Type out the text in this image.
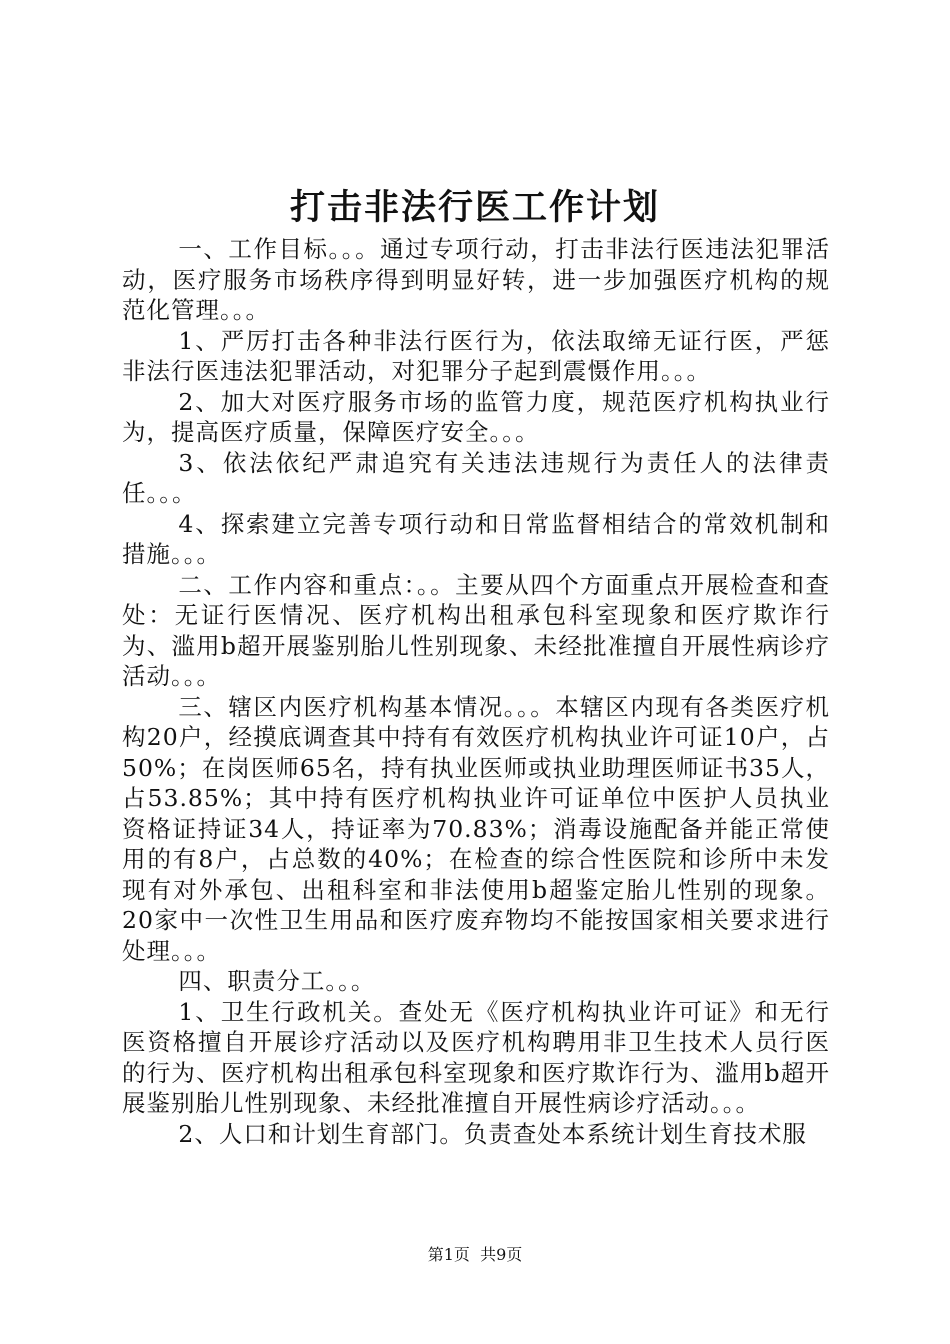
打击非法行医工作计划

一、工作目标。。。通过专项行动，打击非法行医违法犯罪活动，医疗服务市场秩序得到明显好转，进一步加强医疗机构的规范化管理。。。

1、严厉打击各种非法行医行为，依法取缔无证行医，严惩非法行医违法犯罪活动，对犯罪分子起到震慑作用。。。

2、加大对医疗服务市场的监管力度，规范医疗机构执业行为，提高医疗质量，保障医疗安全。。。

3、依法依纪严肃追究有关违法违规行为责任人的法律责任。。。

4、探索建立完善专项行动和日常监督相结合的常效机制和措施。。。

二、工作内容和重点：。。主要从四个方面重点开展检查和查处：无证行医情况、医疗机构出租承包科室现象和医疗欺诈行为、滥用b超开展鉴别胎儿性别现象、未经批准擅自开展性病诊疗活动。。。

三、辖区内医疗机构基本情况。。。本辖区内现有各类医疗机构20户，经摸底调查其中持有有效医疗机构执业许可证10户，占50%；在岗医师65名，持有执业医师或执业助理医师证书35人，占53.85%；其中持有医疗机构执业许可证单位中医护人员执业资格证持证34人，持证率为70.83%；消毒设施配备并能正常使用的有8户，占总数的40%；在检查的综合性医院和诊所中未发现有对外承包、出租科室和非法使用b超鉴定胎儿性别的现象。20家中一次性卫生用品和医疗废弃物均不能按国家相关要求进行处理。。。

四、职责分工。。。

1、卫生行政机关。查处无《医疗机构执业许可证》和无行医资格擅自开展诊疗活动以及医疗机构聘用非卫生技术人员行医的行为、医疗机构出租承包科室现象和医疗欺诈行为、滥用b超开展鉴别胎儿性别现象、未经批准擅自开展性病诊疗活动。。。

2、人口和计划生育部门。负责查处本系统计划生育技术服

第1页 共9页
